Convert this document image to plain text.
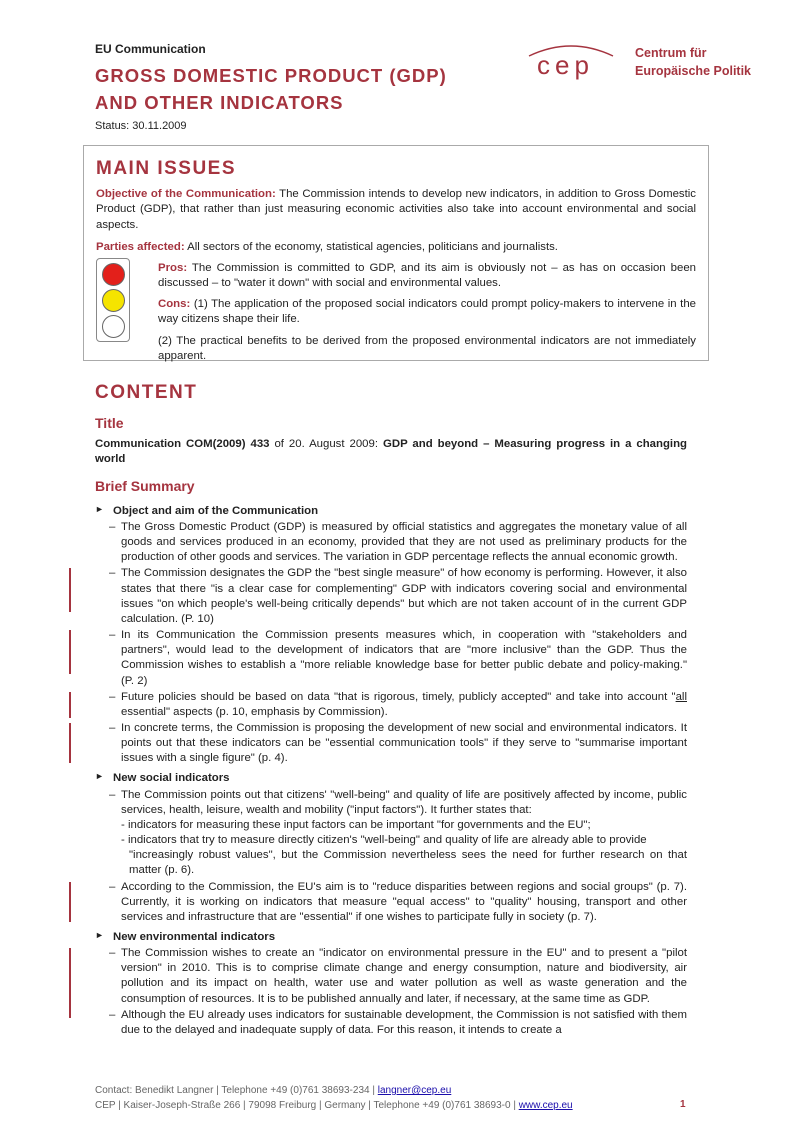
EU Communication
GROSS DOMESTIC PRODUCT (GDP)
AND OTHER INDICATORS
Status: 30.11.2009
cep	Centrum für
Europäische Politik
MAIN ISSUES
Objective of the Communication: The Commission intends to develop new indicators, in addition to Gross Domestic Product (GDP), that rather than just measuring economic activities also take into account environmental and social aspects.
Parties affected: All sectors of the economy, statistical agencies, politicians and journalists.
Pros: The Commission is committed to GDP, and its aim is obviously not – as has on occasion been discussed – to "water it down" with social and environmental values.
Cons: (1) The application of the proposed social indicators could prompt policy-makers to intervene in the way citizens shape their life.
(2) The practical benefits to be derived from the proposed environmental indicators are not immediately apparent.
CONTENT
Title
Communication COM(2009) 433 of 20. August 2009: GDP and beyond – Measuring progress in a changing world
Brief Summary
► Object and aim of the Communication
– The Gross Domestic Product (GDP) is measured by official statistics and aggregates the monetary value of all goods and services produced in an economy, provided that they are not used as preliminary products for the production of other goods and services. The variation in GDP percentage reflects the annual economic growth.
– The Commission designates the GDP the "best single measure" of how economy is performing. However, it also states that there "is a clear case for complementing" GDP with indicators covering social and environmental issues "on which people's well-being critically depends" but which are not taken account of in the current GDP calculation. (P. 10)
– In its Communication the Commission presents measures which, in cooperation with "stakeholders and partners", would lead to the development of indicators that are "more inclusive" than the GDP. Thus the Commission wishes to establish a "more reliable knowledge base for better public debate and policy-making." (P. 2)
– Future policies should be based on data "that is rigorous, timely, publicly accepted" and take into account "all essential" aspects (p. 10, emphasis by Commission).
– In concrete terms, the Commission is proposing the development of new social and environmental indicators. It points out that these indicators can be "essential communication tools" if they serve to "summarise important issues with a single figure" (p. 4).
► New social indicators
– The Commission points out that citizens' "well-being" and quality of life are positively affected by income, public services, health, leisure, wealth and mobility ("input factors"). It further states that:
- indicators for measuring these input factors can be important "for governments and the EU";
- indicators that try to measure directly citizen's "well-being" and quality of life are already able to provide
"increasingly robust values", but the Commission nevertheless sees the need for further research on that matter (p. 6).
– According to the Commission, the EU's aim is to "reduce disparities between regions and social groups" (p. 7). Currently, it is working on indicators that measure "equal access" to "quality" housing, transport and other services and infrastructure that are "essential" if one wishes to participate fully in society (p. 7).
► New environmental indicators
– The Commission wishes to create an "indicator on environmental pressure in the EU" and to present a "pilot version" in 2010. This is to comprise climate change and energy consumption, nature and biodiversity, air pollution and its impact on health, water use and water pollution as well as waste generation and the consumption of resources. It is to be published annually and later, if necessary, at the same time as GDP.
– Although the EU already uses indicators for sustainable development, the Commission is not satisfied with them due to the delayed and inadequate supply of data. For this reason, it intends to create a
Contact: Benedikt Langner | Telephone +49 (0)761 38693-234 | langner@cep.eu
CEP | Kaiser-Joseph-Straße 266 | 79098 Freiburg | Germany | Telephone +49 (0)761 38693-0 | www.cep.eu	1
